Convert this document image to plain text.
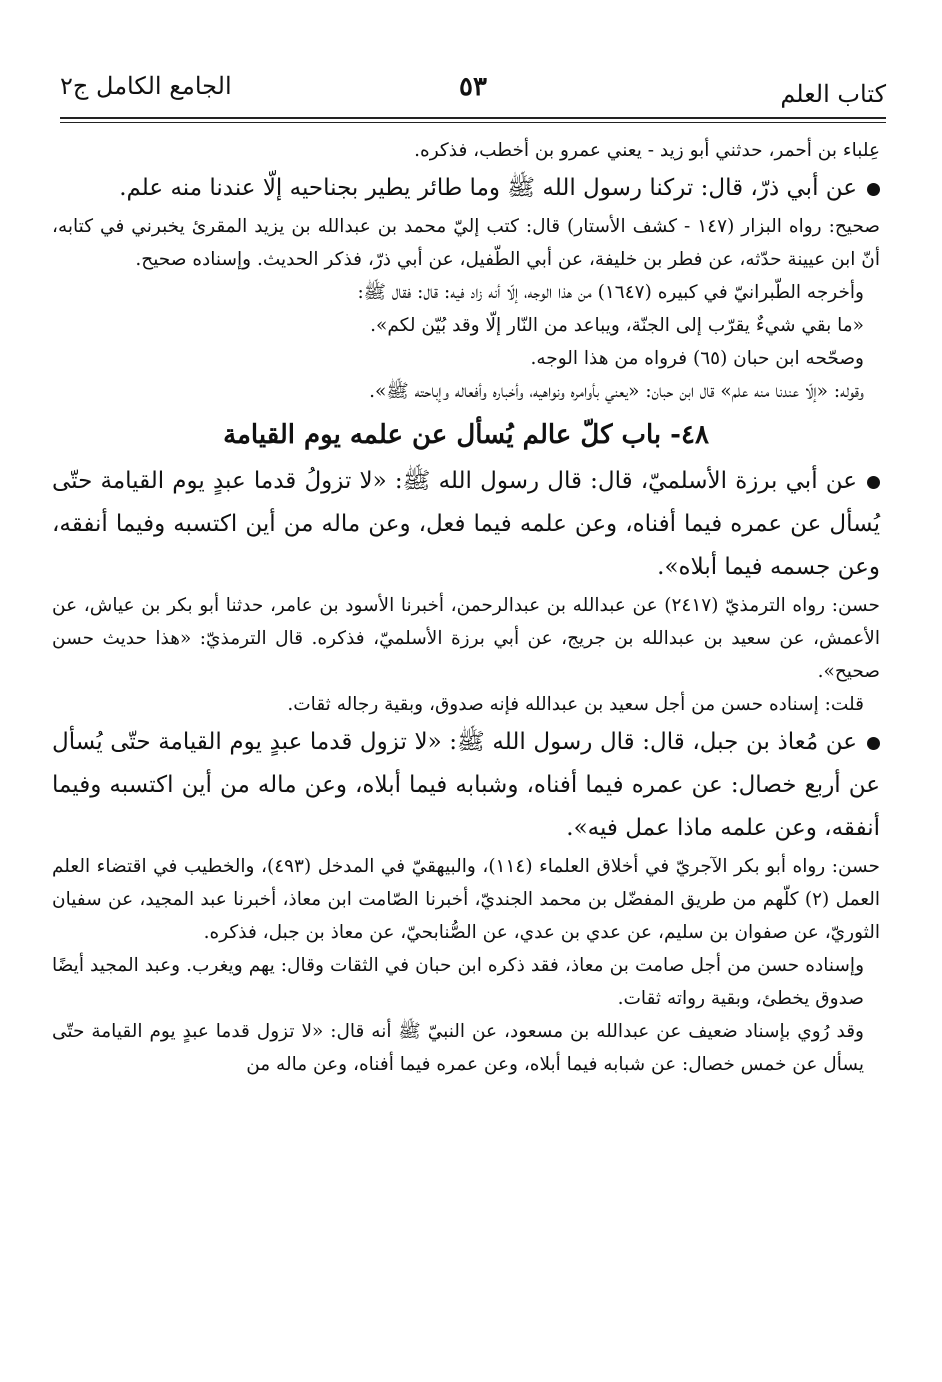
كتاب العلم
٥٣
الجامع الكامل ج٢

عِلباء بن أحمر، حدثني أبو زيد - يعني عمرو بن أخطب، فذكره.

عن أبي ذرّ، قال: تركنا رسول الله ﷺ وما طائر يطير بجناحيه إلّا عندنا منه علم.

صحيح: رواه البزار (١٤٧ - كشف الأستار) قال: كتب إليّ محمد بن عبدالله بن يزيد المقرئ يخبرني في كتابه، أنّ ابن عيينة حدّثه، عن فطر بن خليفة، عن أبي الطّفيل، عن أبي ذرّ، فذكر الحديث. وإسناده صحيح.

وأخرجه الطّبرانيّ في كبيره (١٦٤٧) من هذا الوجه، إلّا أنه زاد فيه: قال: فقال ﷺ:

«ما بقي شيءٌ يقرّب إلى الجنّة، ويباعد من النّار إلّا وقد بُيّن لكم».

وصحّحه ابن حبان (٦٥) فرواه من هذا الوجه.

وقوله: «إلّا عندنا منه علم» قال ابن حبان: «يعني بأوامره ونواهيه، وأخباره وأفعاله وإباحته ﷺ».

٤٨- باب كلّ عالم يُسأل عن علمه يوم القيامة

عن أبي برزة الأسلميّ، قال: قال رسول الله ﷺ: «لا تزولُ قدما عبدٍ يوم القيامة حتّى يُسأل عن عمره فيما أفناه، وعن علمه فيما فعل، وعن ماله من أين اكتسبه وفيما أنفقه، وعن جسمه فيما أبلاه».

حسن: رواه الترمذيّ (٢٤١٧) عن عبدالله بن عبدالرحمن، أخبرنا الأسود بن عامر، حدثنا أبو بكر بن عياش، عن الأعمش، عن سعيد بن عبدالله بن جريج، عن أبي برزة الأسلميّ، فذكره. قال الترمذيّ: «هذا حديث حسن صحيح».

قلت: إسناده حسن من أجل سعيد بن عبدالله فإنه صدوق، وبقية رجاله ثقات.

عن مُعاذ بن جبل، قال: قال رسول الله ﷺ: «لا تزول قدما عبدٍ يوم القيامة حتّى يُسأل عن أربع خصال: عن عمره فيما أفناه، وشبابه فيما أبلاه، وعن ماله من أين اكتسبه وفيما أنفقه، وعن علمه ماذا عمل فيه».

حسن: رواه أبو بكر الآجريّ في أخلاق العلماء (١١٤)، والبيهقيّ في المدخل (٤٩٣)، والخطيب في اقتضاء العلم العمل (٢) كلّهم من طريق المفضّل بن محمد الجنديّ، أخبرنا الصّامت ابن معاذ، أخبرنا عبد المجيد، عن سفيان الثوريّ، عن صفوان بن سليم، عن عدي بن عدي، عن الصُّنابحيّ، عن معاذ بن جبل، فذكره.

وإسناده حسن من أجل صامت بن معاذ، فقد ذكره ابن حبان في الثقات وقال: يهم ويغرب. وعبد المجيد أيضًا صدوق يخطئ، وبقية رواته ثقات.

وقد رُوي بإسناد ضعيف عن عبدالله بن مسعود، عن النبيّ ﷺ أنه قال: «لا تزول قدما عبدٍ يوم القيامة حتّى يسأل عن خمس خصال: عن شبابه فيما أبلاه، وعن عمره فيما أفناه، وعن ماله من
